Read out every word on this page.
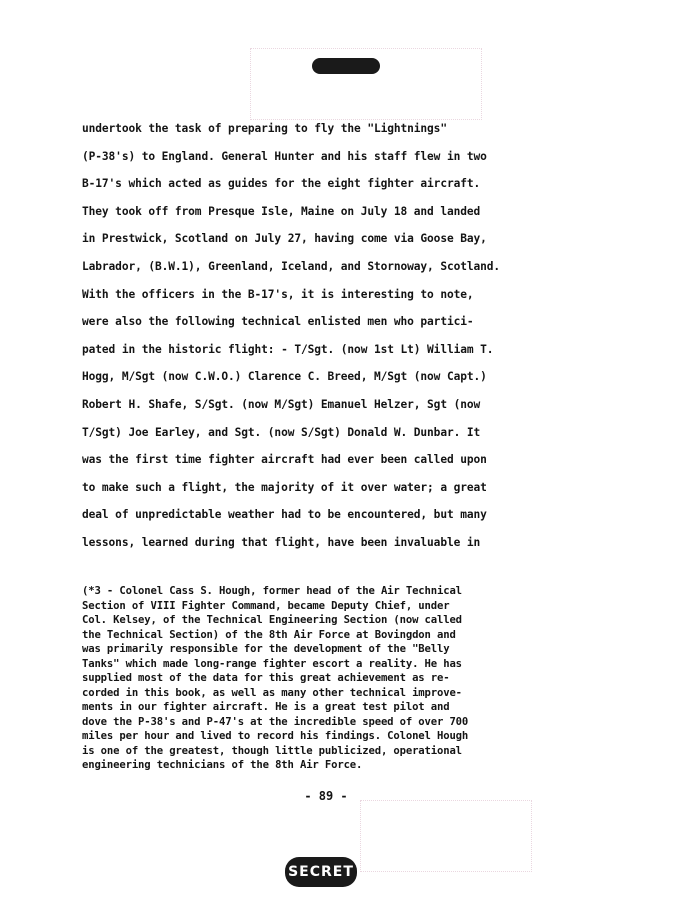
undertook the task of preparing to fly the "Lightnings"
(P-38's) to England. General Hunter and his staff flew in two
B-17's which acted as guides for the eight fighter aircraft.
They took off from Presque Isle, Maine on July 18 and landed
in Prestwick, Scotland on July 27, having come via Goose Bay,
Labrador, (B.W.1), Greenland, Iceland, and Stornoway, Scotland.
With the officers in the B-17's, it is interesting to note,
were also the following technical enlisted men who partici-
pated in the historic flight: - T/Sgt. (now 1st Lt) William T.
Hogg, M/Sgt (now C.W.O.) Clarence C. Breed, M/Sgt (now Capt.)
Robert H. Shafe, S/Sgt. (now M/Sgt) Emanuel Helzer, Sgt (now
T/Sgt) Joe Earley, and Sgt. (now S/Sgt) Donald W. Dunbar. It
was the first time fighter aircraft had ever been called upon
to make such a flight, the majority of it over water; a great
deal of unpredictable weather had to be encountered, but many
lessons, learned during that flight, have been invaluable in
(*3 - Colonel Cass S. Hough, former head of the Air Technical
Section of VIII Fighter Command, became Deputy Chief, under
Col. Kelsey, of the Technical Engineering Section (now called
the Technical Section) of the 8th Air Force at Bovingdon and
was primarily responsible for the development of the "Belly
Tanks" which made long-range fighter escort a reality. He has
supplied most of the data for this great achievement as re-
corded in this book, as well as many other technical improve-
ments in our fighter aircraft. He is a great test pilot and
dove the P-38's and P-47's at the incredible speed of over 700
miles per hour and lived to record his findings. Colonel Hough
is one of the greatest, though little publicized, operational
engineering technicians of the 8th Air Force.
- 89 -
SECRET
